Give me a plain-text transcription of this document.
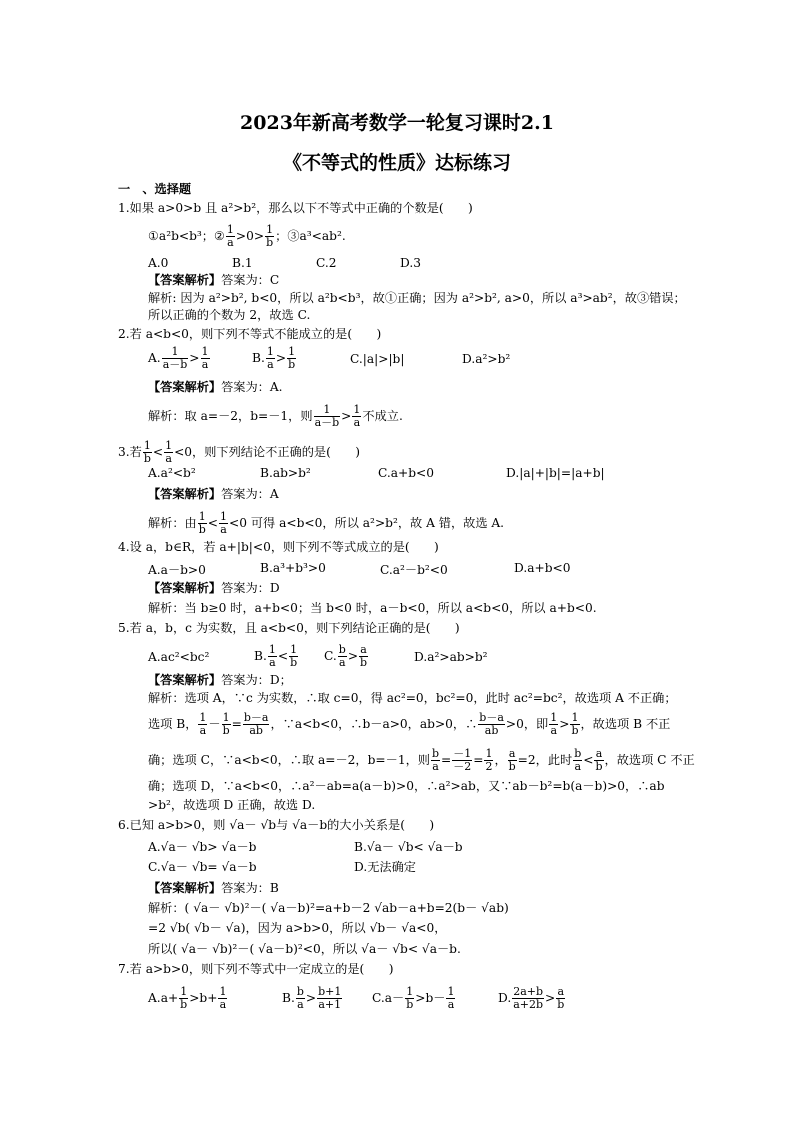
2023年新高考数学一轮复习课时2.1
《不等式的性质》达标练习
一　、选择题
1.如果 a>0>b 且 a²>b²，那么以下不等式中正确的个数是(　　)
①a²b<b³；② $\frac{1}{a} >0> \frac{1}{b}$ ；③a³<ab².
A.0	B.1	C.2	D.3
【答案解析】答案为：C
解析: 因为 a²>b², b<0，所以 a²b<b³，故①正确；因为 a²>b², a>0，所以 a³>ab²，故③错误；
所以正确的个数为 2，故选 C.
2.若 a<b<0，则下列不等式不能成立的是(　　)
A. $\frac{1}{a-b} > \frac{1}{a}$	B. $\frac{1}{a} > \frac{1}{b}$	C.|a|>|b|	D.a²>b²
【答案解析】答案为：A.
解析：取 a=－2，b=－1，则 $\frac{1}{a-b} > \frac{1}{a}$ 不成立.
3.若 $\frac{1}{b} < \frac{1}{a} <0$，则下列结论不正确的是(　　)
A.a²<b²	B.ab>b²	C.a+b<0	D.|a|+|b|=|a+b|
【答案解析】答案为：A
解析：由 $\frac{1}{b} < \frac{1}{a} <0$ 可得 a<b<0，所以 a²>b²，故 A 错，故选 A.
4.设 a，b∈R，若 a+|b|<0，则下列不等式成立的是(　　)
A.a－b>0	B.a³+b³>0	C.a²－b²<0	D.a+b<0
【答案解析】答案为：D
解析：当 b≥0 时，a+b<0；当 b<0 时，a－b<0，所以 a<b<0，所以 a+b<0.
5.若 a，b，c 为实数，且 a<b<0，则下列结论正确的是(　　)
A.ac²<bc²	B. $\frac{1}{a} < \frac{1}{b} C$. $\frac{b}{a} > \frac{a}{b}$	D.a²>ab>b²
【答案解析】答案为：D；
解析：选项 A，∵c 为实数，∴取 c=0，得 ac²=0，bc²=0，此时 ac²=bc²，故选项 A 不正确；
选项 B， $\frac{1}{a} - \frac{1}{b} = \frac{b-a}{ab}$ ，∵a<b<0，∴b－a>0，ab>0，∴ $\frac{b-a}{ab} >0$，即 $\frac{1}{a} > \frac{1}{b}$ ，故选项 B 不正
确；选项 C，∵a<b<0，∴取 a=－2，b=－1，则 $\frac{b}{a} = \frac{-1}{-2} = \frac{1}{2}$ ， $\frac{a}{b} =2$，此时 $\frac{b}{a} < \frac{a}{b}$ ，故选项 C 不正
确；选项 D，∵a<b<0，∴a²－ab=a(a－b)>0，∴a²>ab，又∵ab－b²=b(a－b)>0，∴ab
>b²，故选项 D 正确，故选 D.
6.已知 a>b>0，则 √a－ √b与 √a－b的大小关系是(　　)
A.√a－ √b> √a－b	B.√a－ √b< √a－b
C.√a－ √b= √a－b	D.无法确定
【答案解析】答案为：B
解析：( √a－ √b)²－( √a－b)²=a+b－2 √ab－a+b=2(b－ √ab)
=2 √b( √b－ √a)，因为 a>b>0，所以 √b－ √a<0，
所以( √a－ √b)²－( √a－b)²<0，所以 √a－ √b< √a－b.
7.若 a>b>0，则下列不等式中一定成立的是(　　)
$A.a+ \frac{1}{b} >b+ \frac{1}{a}$	B. $\frac{b}{a} > \frac{b+1}{a+1} C.a- \frac{1}{b} >b- \frac{1}{a}$	D. $\frac{2a+b}{a+2b} > \frac{a}{b}$
